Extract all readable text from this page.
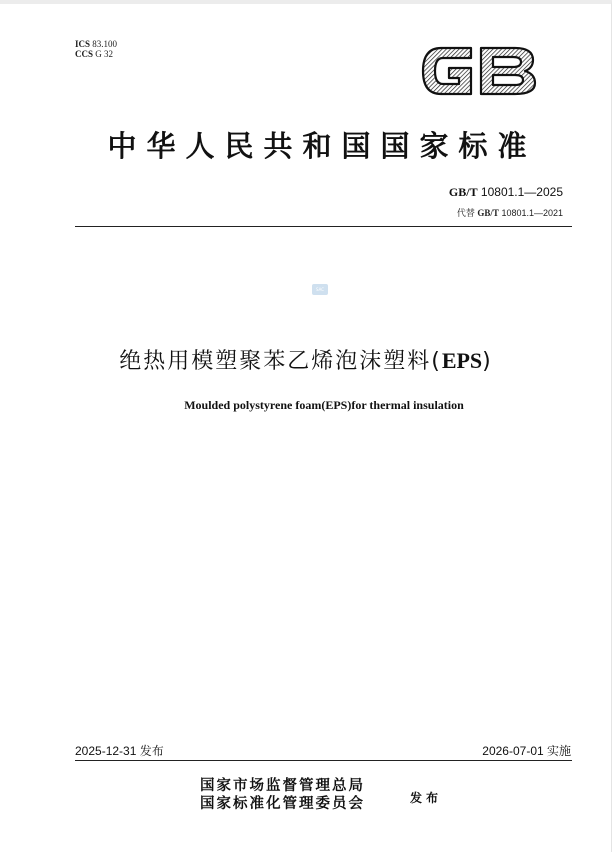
ICS 83.100
CCS G 32
中华人民共和国国家标准
GB/T 10801.1—2025
代替 GB/T 10801.1—2021
SAC
绝热用模塑聚苯乙烯泡沫塑料(EPS)
Moulded polystyrene foam(EPS)for thermal insulation
2025-12-31 发布	2026-07-01 实施
国家市场监督管理总局
国家标准化管理委员会	发布
